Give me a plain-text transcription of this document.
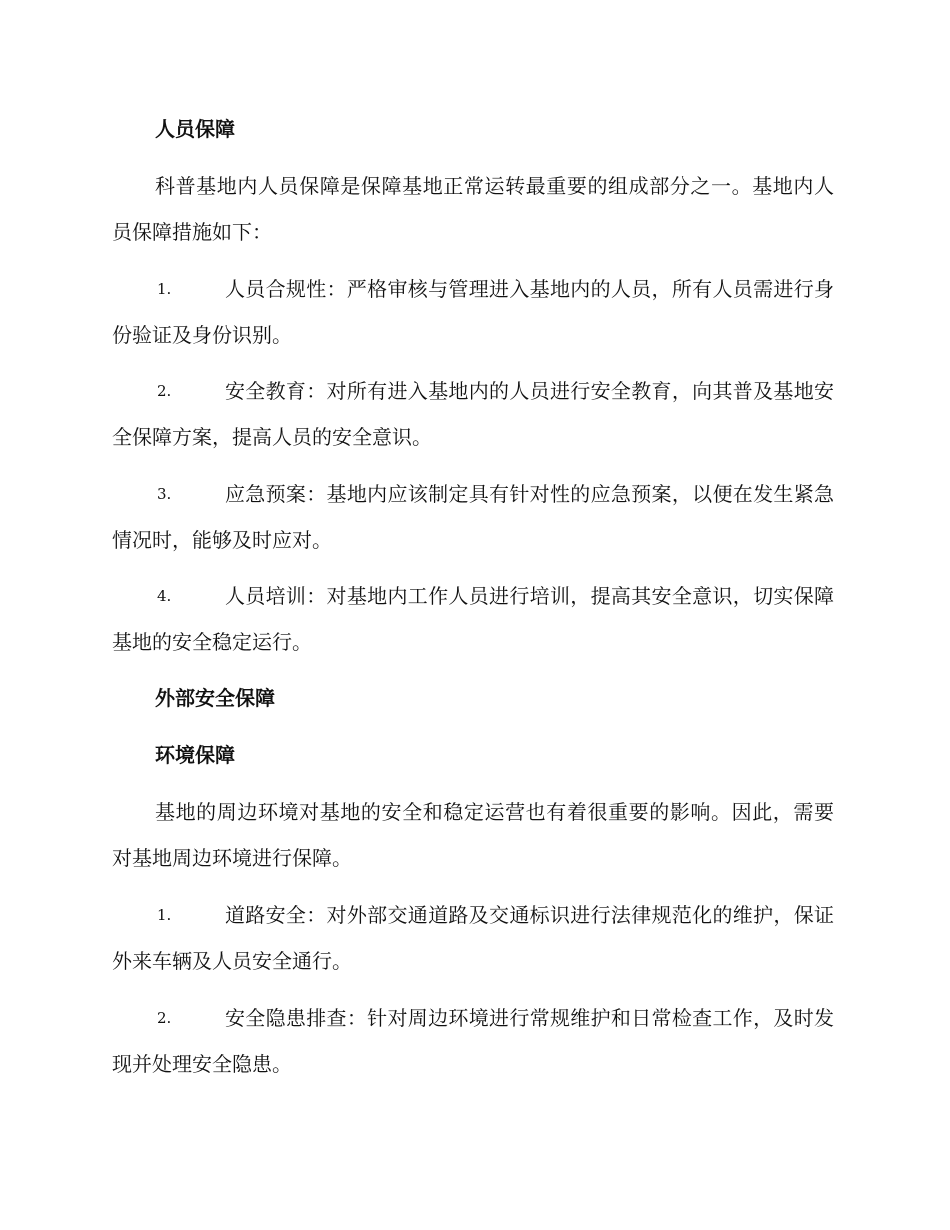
人员保障
科普基地内人员保障是保障基地正常运转最重要的组成部分之一。基地内人员保障措施如下：
1.	人员合规性：严格审核与管理进入基地内的人员，所有人员需进行身份验证及身份识别。
2.	安全教育：对所有进入基地内的人员进行安全教育，向其普及基地安全保障方案，提高人员的安全意识。
3.	应急预案：基地内应该制定具有针对性的应急预案，以便在发生紧急情况时，能够及时应对。
4.	人员培训：对基地内工作人员进行培训，提高其安全意识，切实保障基地的安全稳定运行。
外部安全保障
环境保障
基地的周边环境对基地的安全和稳定运营也有着很重要的影响。因此，需要对基地周边环境进行保障。
1.	道路安全：对外部交通道路及交通标识进行法律规范化的维护，保证外来车辆及人员安全通行。
2.	安全隐患排查：针对周边环境进行常规维护和日常检查工作，及时发现并处理安全隐患。
